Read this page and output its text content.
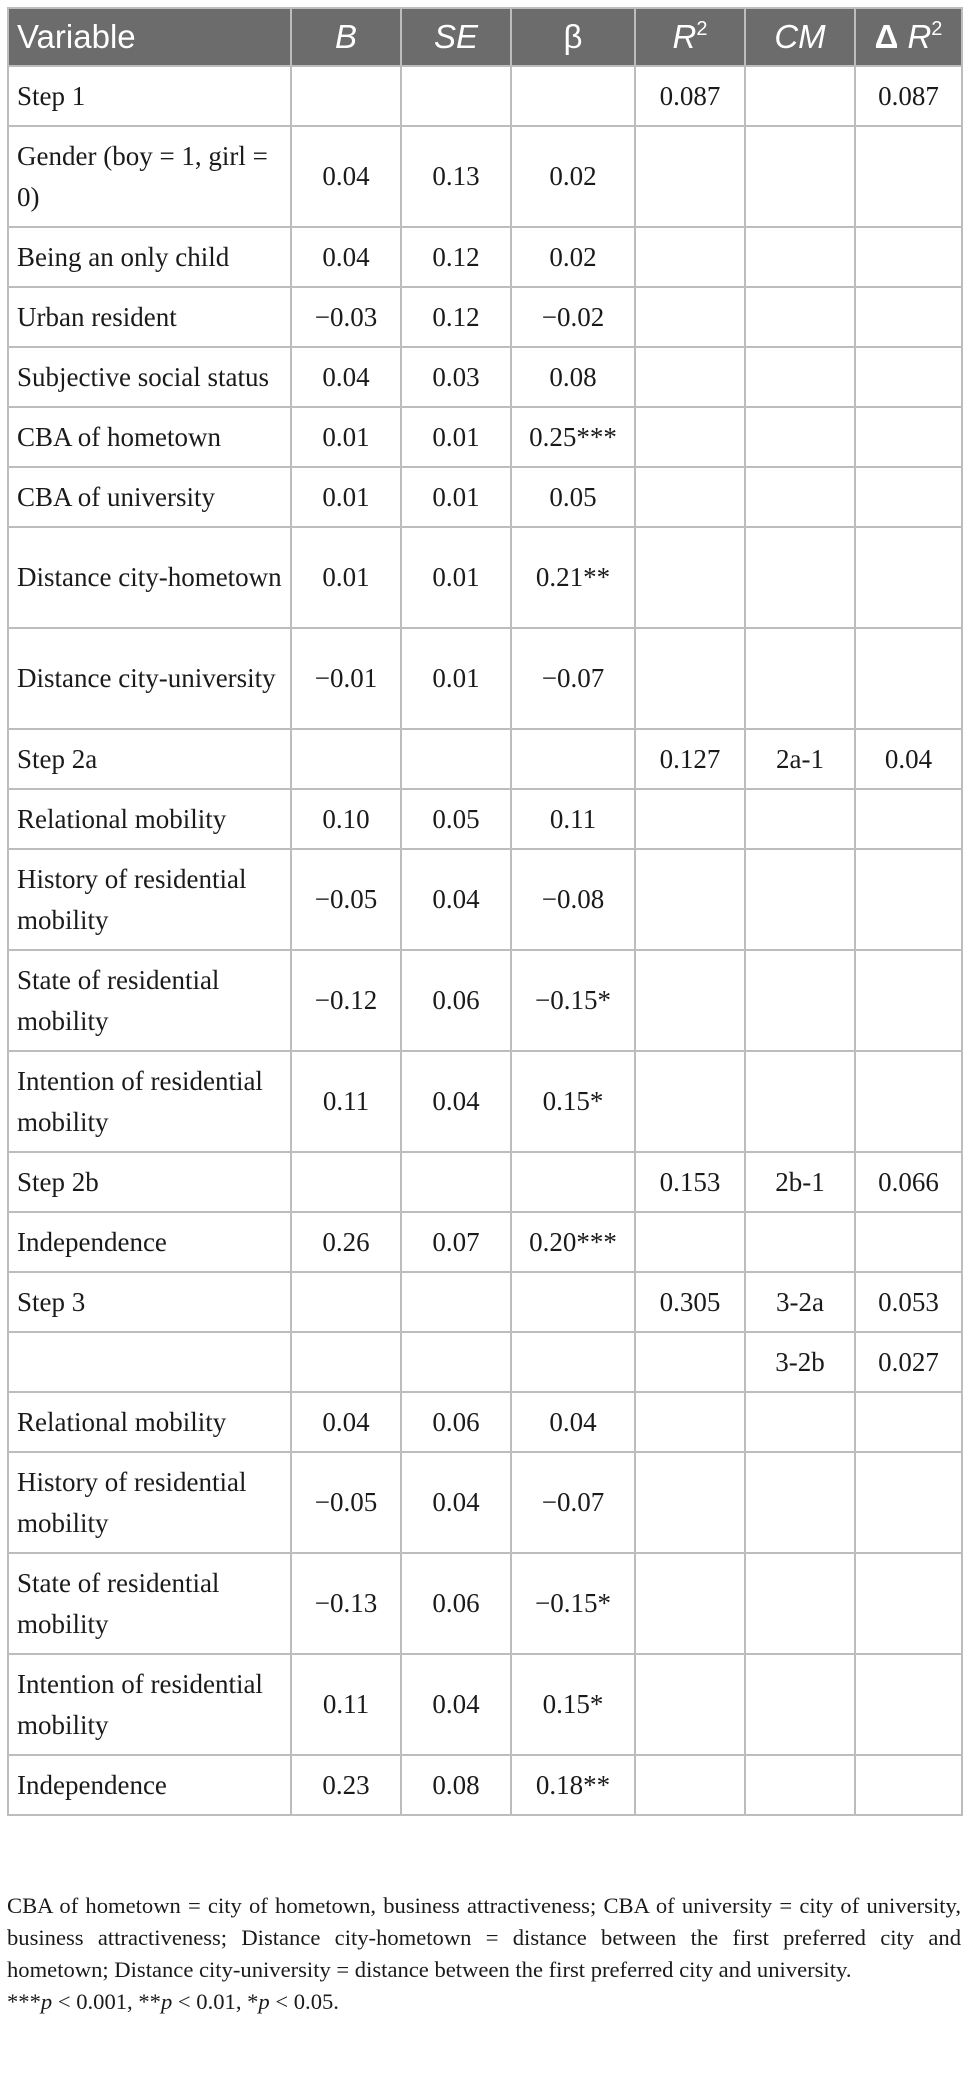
Variable	B	SE	β	$R^2$	CM	Δ $R^2$
Step 1				0.087		0.087
Gender (boy = 1, girl = 0)	0.04	0.13	0.02			
Being an only child	0.04	0.12	0.02			
Urban resident	−0.03	0.12	−0.02			
Subjective social status	0.04	0.03	0.08			
CBA of hometown	0.01	0.01	0.25***			
CBA of university	0.01	0.01	0.05			
Distance city-hometown	0.01	0.01	0.21**			
Distance city-university	−0.01	0.01	−0.07			
Step 2a				0.127	2a-1	0.04
Relational mobility	0.10	0.05	0.11			
History of residential mobility	−0.05	0.04	−0.08			
State of residential mobility	−0.12	0.06	−0.15*			
Intention of residential mobility	0.11	0.04	0.15*			
Step 2b				0.153	2b-1	0.066
Independence	0.26	0.07	0.20***			
Step 3				0.305	3-2a	0.053
					3-2b	0.027
Relational mobility	0.04	0.06	0.04			
History of residential mobility	−0.05	0.04	−0.07			
State of residential mobility	−0.13	0.06	−0.15*			
Intention of residential mobility	0.11	0.04	0.15*			
Independence	0.23	0.08	0.18**			

CBA of hometown = city of hometown, business attractiveness; CBA of university = city of university, business attractiveness; Distance city-hometown = distance between the first preferred city and hometown; Distance city-university = distance between the first preferred city and university.

***p < 0.001, **p < 0.01, *p < 0.05.
